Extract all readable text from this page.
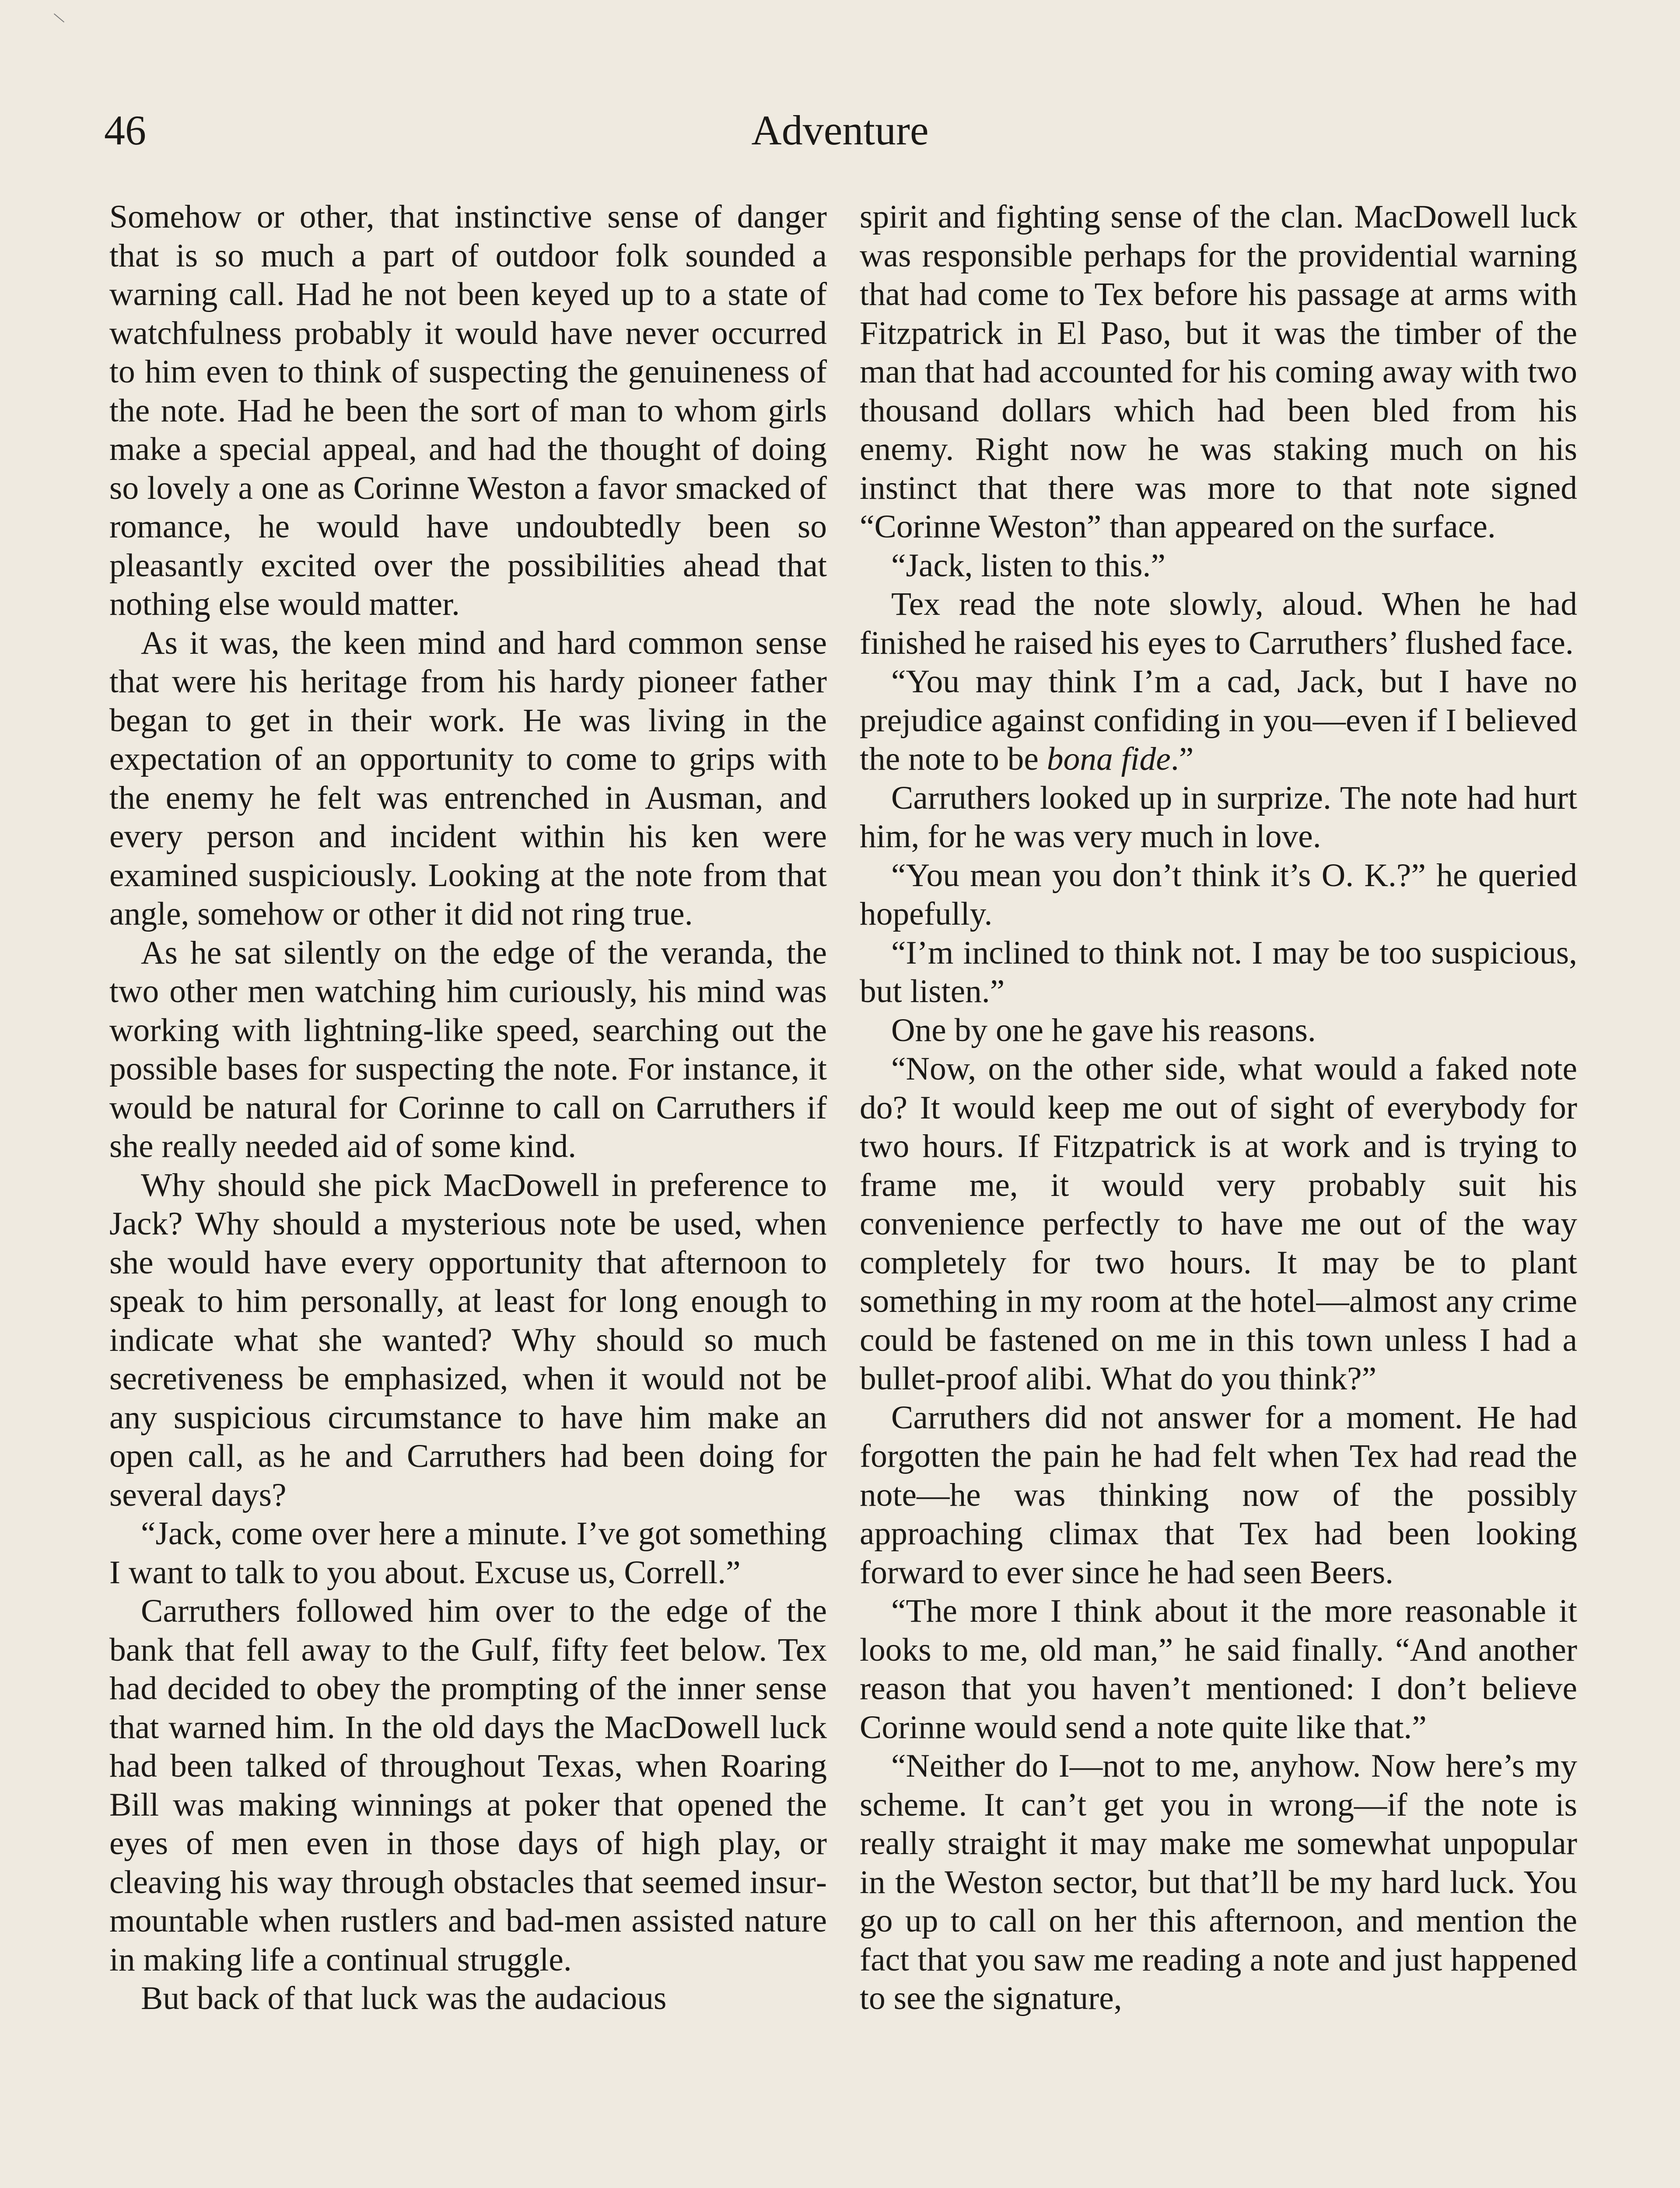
Adventure
46

Somehow or other, that instinctive sense of danger that is so much a part of outdoor folk sounded a warning call. Had he not been keyed up to a state of watchfulness probably it would have never occurred to him even to think of suspecting the genuineness of the note. Had he been the sort of man to whom girls make a special appeal, and had the thought of doing so lovely a one as Corinne Weston a favor smacked of romance, he would have undoubtedly been so pleasantly excited over the possibilities ahead that nothing else would matter.

As it was, the keen mind and hard common sense that were his heritage from his hardy pioneer father began to get in their work. He was living in the expectation of an opportunity to come to grips with the enemy he felt was entrenched in Ausman, and every person and incident within his ken were examined suspiciously. Looking at the note from that angle, somehow or other it did not ring true.

As he sat silently on the edge of the veranda, the two other men watching him curiously, his mind was working with lightning-like speed, searching out the possible bases for suspecting the note. For instance, it would be natural for Corinne to call on Carruthers if she really needed aid of some kind.

Why should she pick MacDowell in preference to Jack? Why should a mysterious note be used, when she would have every opportunity that afternoon to speak to him personally, at least for long enough to indicate what she wanted? Why should so much secretiveness be emphasized, when it would not be any suspicious circumstance to have him make an open call, as he and Carruthers had been doing for several days?

“Jack, come over here a minute. I’ve got something I want to talk to you about. Excuse us, Correll.”

Carruthers followed him over to the edge of the bank that fell away to the Gulf, fifty feet below. Tex had decided to obey the prompting of the inner sense that warned him. In the old days the MacDowell luck had been talked of throughout Texas, when Roaring Bill was making winnings at poker that opened the eyes of men even in those days of high play, or cleaving his way through obstacles that seemed insurmountable when rustlers and bad-men assisted nature in making life a continual struggle.

But back of that luck was the audacious

spirit and fighting sense of the clan. MacDowell luck was responsible perhaps for the providential warning that had come to Tex before his passage at arms with Fitzpatrick in El Paso, but it was the timber of the man that had accounted for his coming away with two thousand dollars which had been bled from his enemy. Right now he was staking much on his instinct that there was more to that note signed “Corinne Weston” than appeared on the surface.

“Jack, listen to this.”

Tex read the note slowly, aloud. When he had finished he raised his eyes to Carruthers’ flushed face.

“You may think I’m a cad, Jack, but I have no prejudice against confiding in you—even if I believed the note to be bona fide.”

Carruthers looked up in surprize. The note had hurt him, for he was very much in love.

“You mean you don’t think it’s O. K.?” he queried hopefully.

“I’m inclined to think not. I may be too suspicious, but listen.”

One by one he gave his reasons.

“Now, on the other side, what would a faked note do? It would keep me out of sight of everybody for two hours. If Fitzpatrick is at work and is trying to frame me, it would very probably suit his convenience perfectly to have me out of the way completely for two hours. It may be to plant something in my room at the hotel—almost any crime could be fastened on me in this town unless I had a bullet-proof alibi. What do you think?”

Carruthers did not answer for a moment. He had forgotten the pain he had felt when Tex had read the note—he was thinking now of the possibly approaching climax that Tex had been looking forward to ever since he had seen Beers.

“The more I think about it the more reasonable it looks to me, old man,” he said finally. “And another reason that you haven’t mentioned: I don’t believe Corinne would send a note quite like that.”

“Neither do I—not to me, anyhow. Now here’s my scheme. It can’t get you in wrong—if the note is really straight it may make me somewhat unpopular in the Weston sector, but that’ll be my hard luck. You go up to call on her this afternoon, and mention the fact that you saw me reading a note and just happened to see the signature,
